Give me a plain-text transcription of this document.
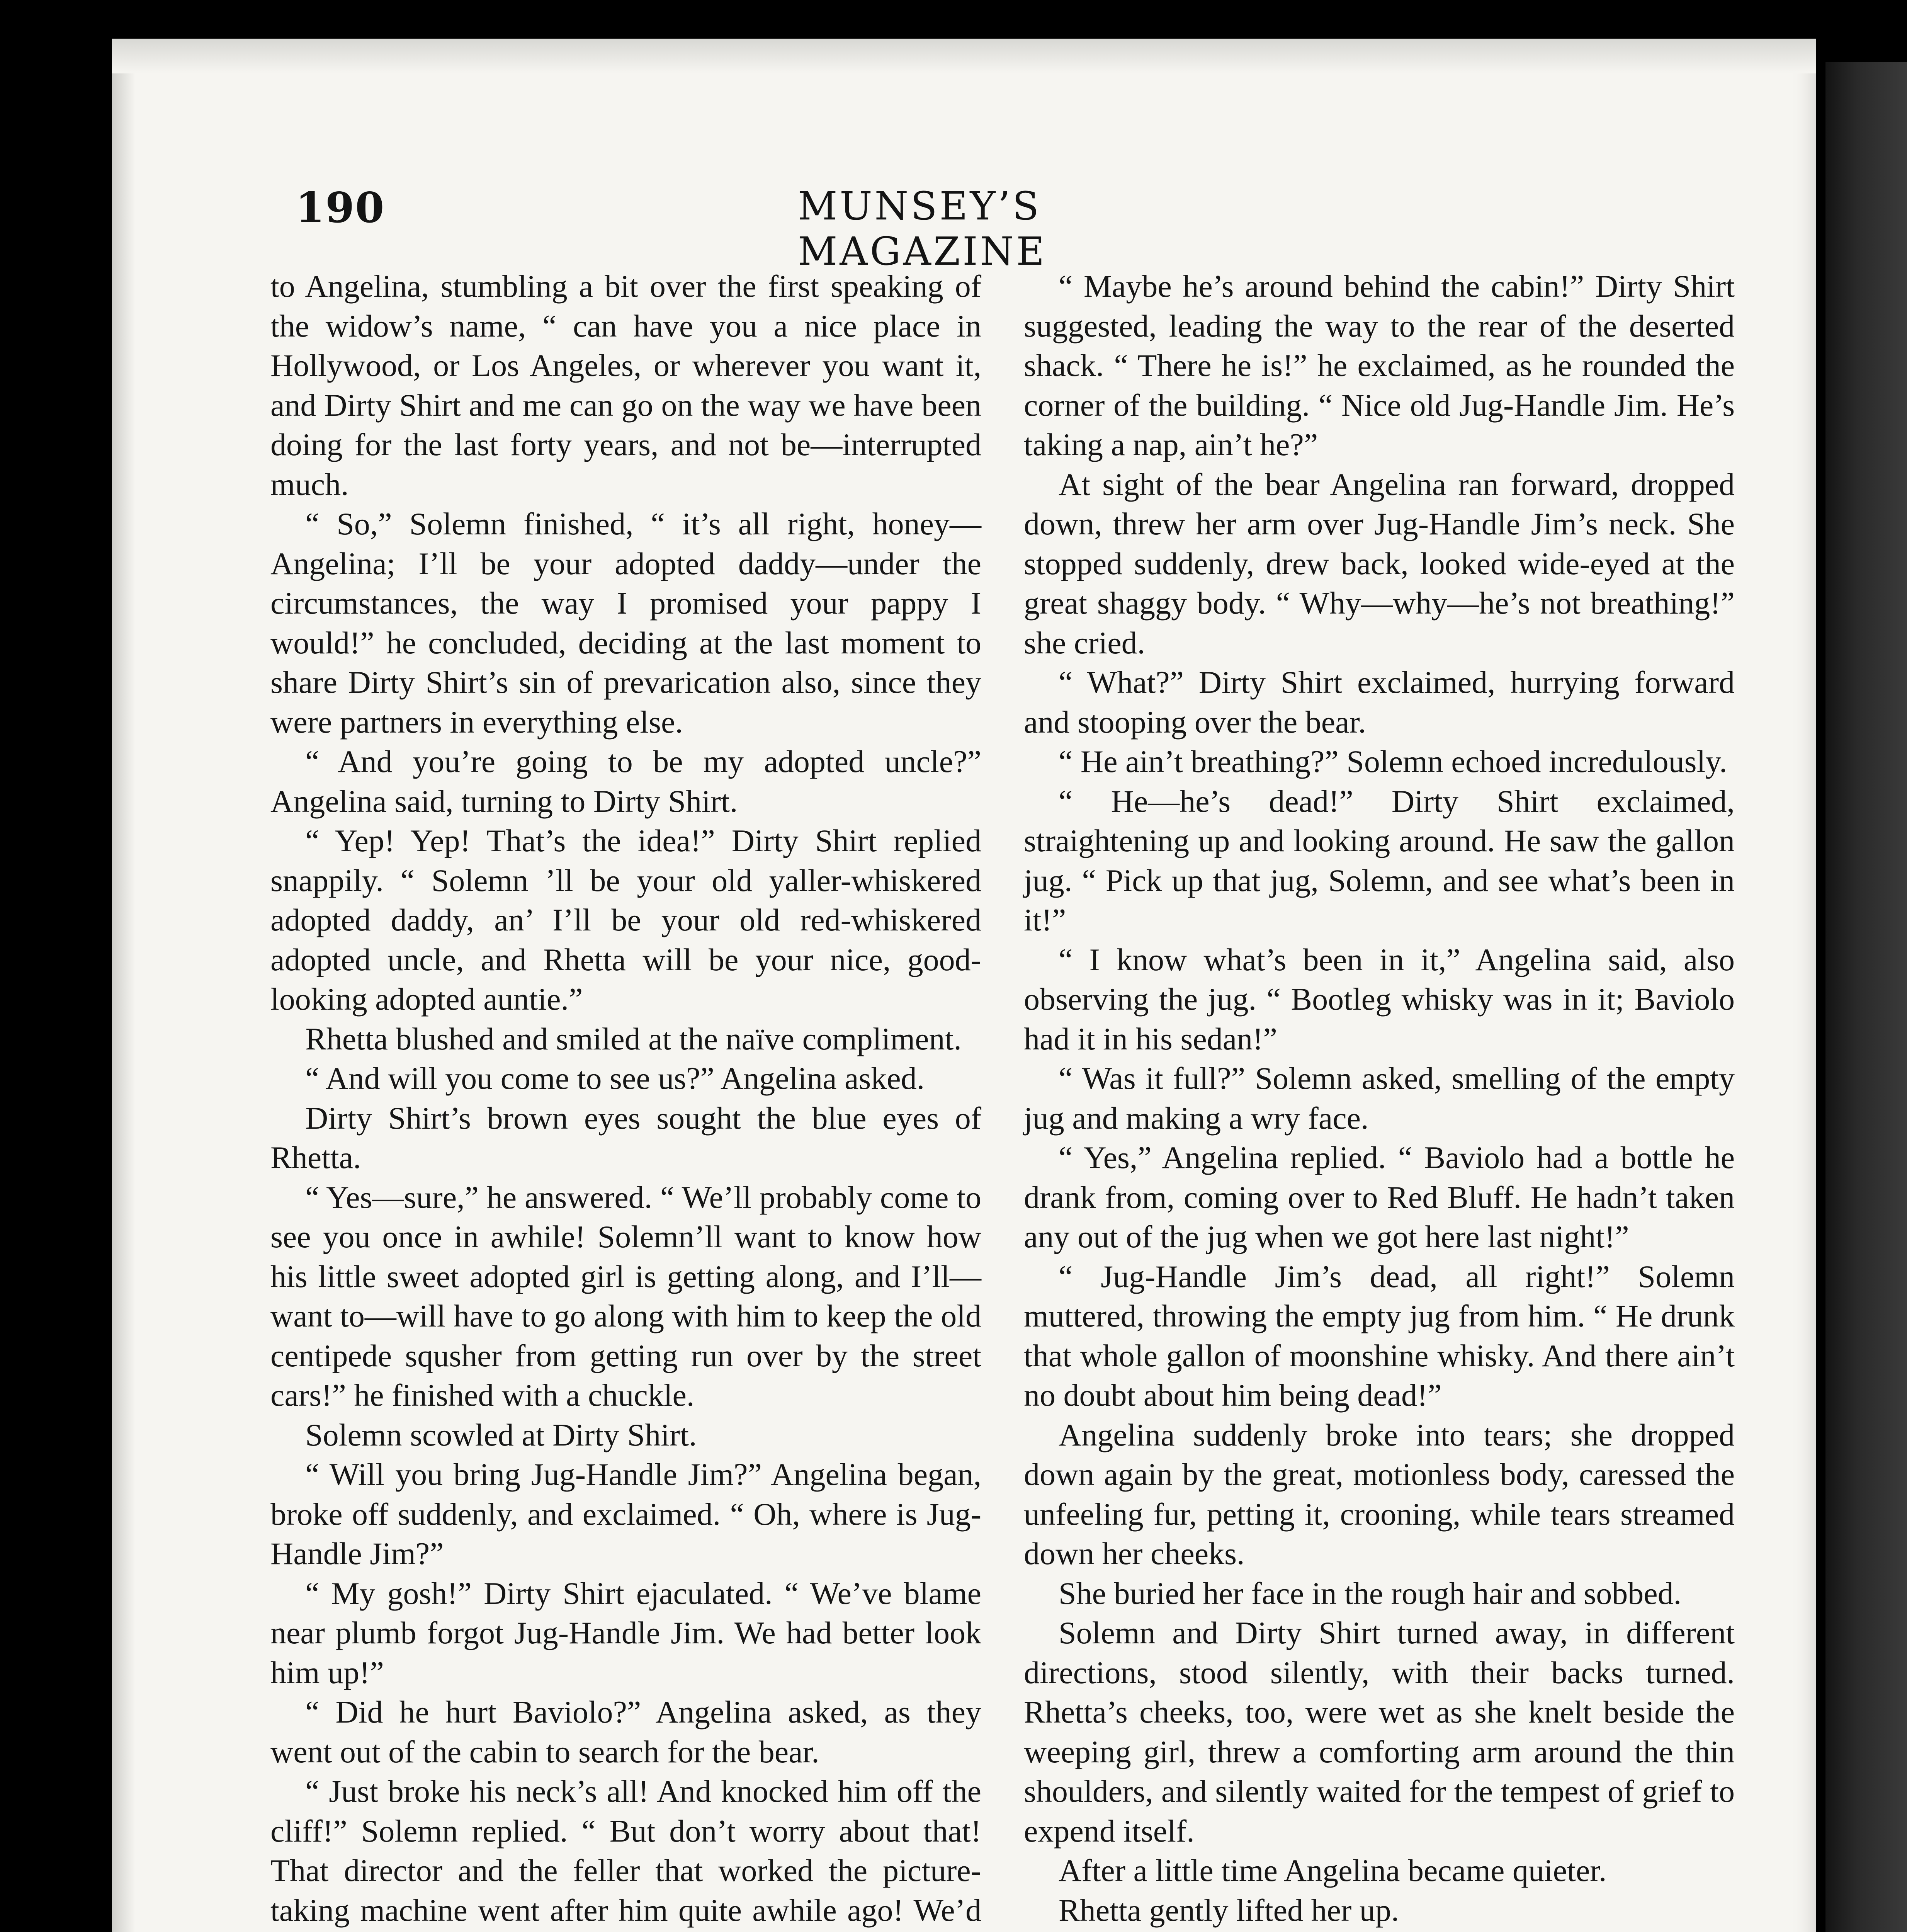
190	MUNSEY’S MAGAZINE

to Angelina, stumbling a bit over the first speaking of the widow’s name, “ can have you a nice place in Hollywood, or Los Angeles, or wherever you want it, and Dirty Shirt and me can go on the way we have been doing for the last forty years, and not be—interrupted much.

“ So,” Solemn finished, “ it’s all right, honey—Angelina; I’ll be your adopted daddy—under the circumstances, the way I promised your pappy I would!” he concluded, deciding at the last moment to share Dirty Shirt’s sin of prevarication also, since they were partners in everything else.

“ And you’re going to be my adopted uncle?” Angelina said, turning to Dirty Shirt.

“ Yep! Yep! That’s the idea!” Dirty Shirt replied snappily. “ Solemn ’ll be your old yaller-whiskered adopted daddy, an’ I’ll be your old red-whiskered adopted uncle, and Rhetta will be your nice, good-looking adopted auntie.”

Rhetta blushed and smiled at the naïve compliment.

“ And will you come to see us?” Angelina asked.

Dirty Shirt’s brown eyes sought the blue eyes of Rhetta.

“ Yes—sure,” he answered. “ We’ll probably come to see you once in awhile! Solemn’ll want to know how his little sweet adopted girl is getting along, and I’ll—want to—will have to go along with him to keep the old centipede squsher from getting run over by the street cars!” he finished with a chuckle.

Solemn scowled at Dirty Shirt.

“ Will you bring Jug-Handle Jim?” Angelina began, broke off suddenly, and exclaimed. “ Oh, where is Jug-Handle Jim?”

“ My gosh!” Dirty Shirt ejaculated. “ We’ve blame near plumb forgot Jug-Handle Jim. We had better look him up!”

“ Did he hurt Baviolo?” Angelina asked, as they went out of the cabin to search for the bear.

“ Just broke his neck’s all! And knocked him off the cliff!” Solemn replied. “ But don’t worry about that! That director and the feller that worked the picture-taking machine went after him quite awhile ago! We’d

“ Maybe he’s around behind the cabin!” Dirty Shirt suggested, leading the way to the rear of the deserted shack. “ There he is!” he exclaimed, as he rounded the corner of the building. “ Nice old Jug-Handle Jim. He’s taking a nap, ain’t he?”

At sight of the bear Angelina ran forward, dropped down, threw her arm over Jug-Handle Jim’s neck. She stopped suddenly, drew back, looked wide-eyed at the great shaggy body. “ Why—why—he’s not breathing!” she cried.

“ What?” Dirty Shirt exclaimed, hurrying forward and stooping over the bear.

“ He ain’t breathing?” Solemn echoed incredulously.

“ He—he’s dead!” Dirty Shirt exclaimed, straightening up and looking around. He saw the gallon jug. “ Pick up that jug, Solemn, and see what’s been in it!”

“ I know what’s been in it,” Angelina said, also observing the jug. “ Bootleg whisky was in it; Baviolo had it in his sedan!”

“ Was it full?” Solemn asked, smelling of the empty jug and making a wry face.

“ Yes,” Angelina replied. “ Baviolo had a bottle he drank from, coming over to Red Bluff. He hadn’t taken any out of the jug when we got here last night!”

“ Jug-Handle Jim’s dead, all right!” Solemn muttered, throwing the empty jug from him. “ He drunk that whole gallon of moonshine whisky. And there ain’t no doubt about him being dead!”

Angelina suddenly broke into tears; she dropped down again by the great, motionless body, caressed the unfeeling fur, petting it, crooning, while tears streamed down her cheeks.

She buried her face in the rough hair and sobbed.

Solemn and Dirty Shirt turned away, in different directions, stood silently, with their backs turned. Rhetta’s cheeks, too, were wet as she knelt beside the weeping girl, threw a comforting arm around the thin shoulders, and silently waited for the tempest of grief to expend itself.

After a little time Angelina became quieter.

Rhetta gently lifted her up.
